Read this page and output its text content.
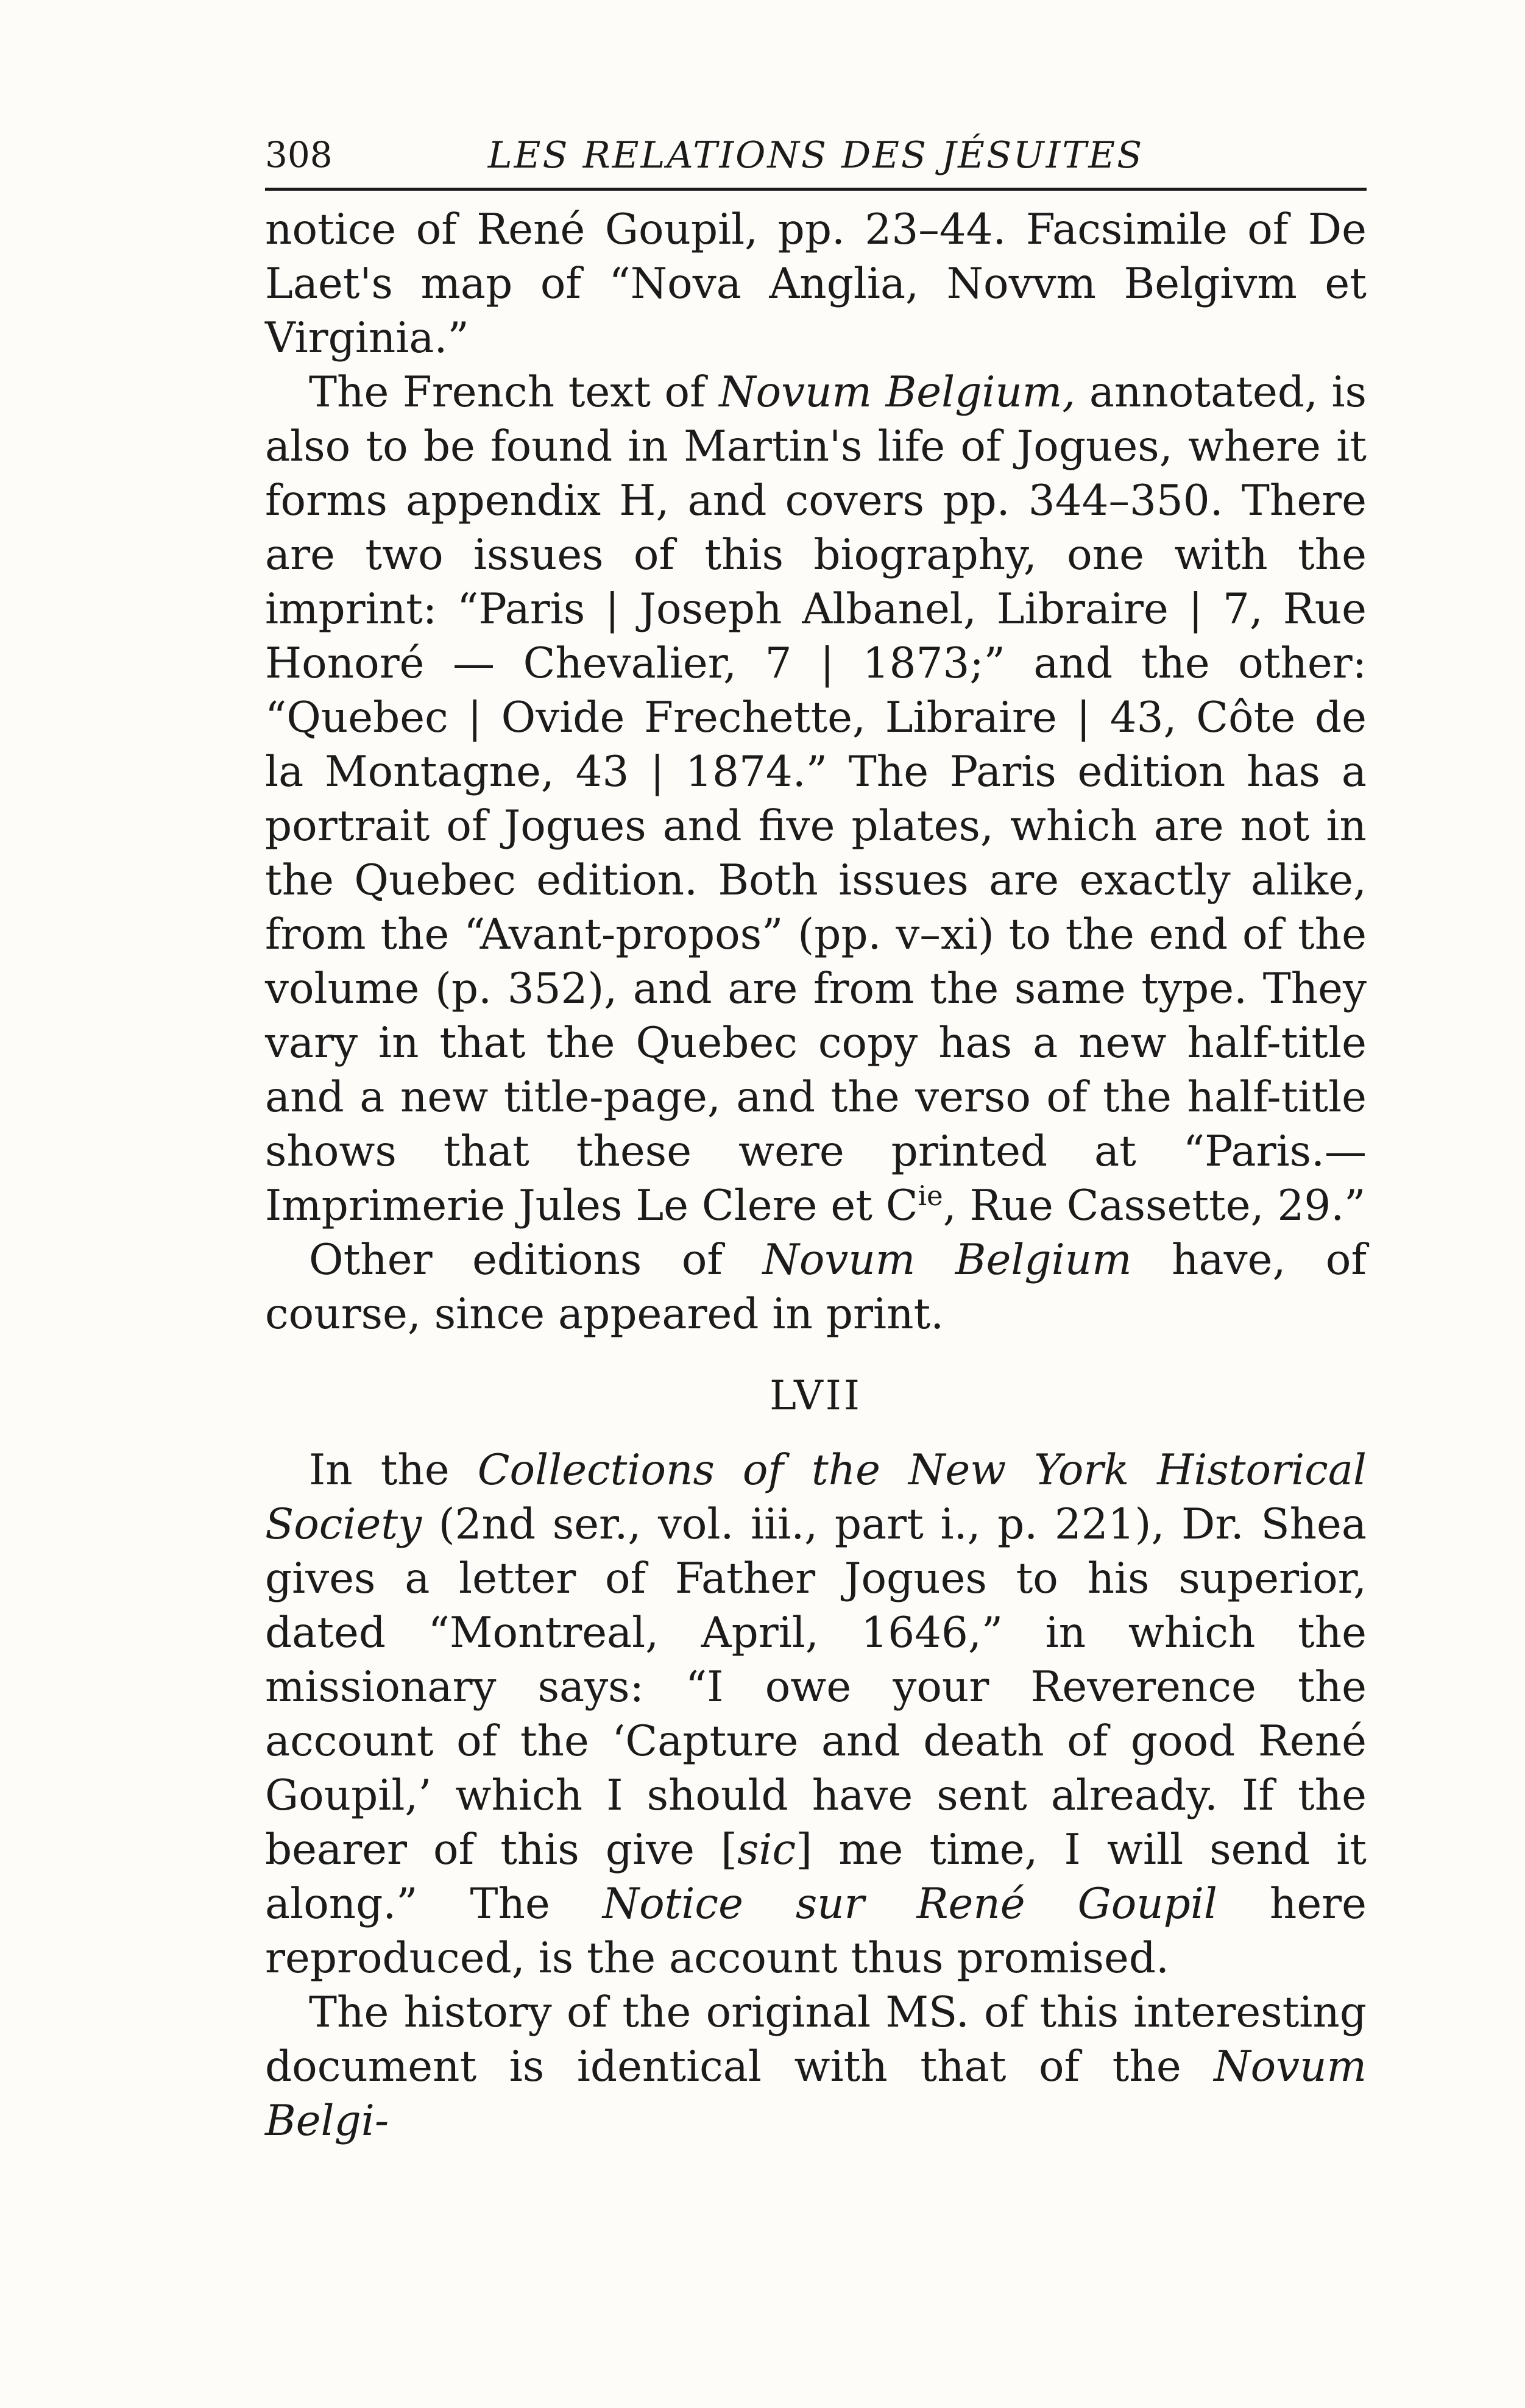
308	LES RELATIONS DES JÉSUITES

notice of René Goupil, pp. 23–44. Facsimile of De Laet's map of “Nova Anglia, Novvm Belgivm et Virginia.”

The French text of Novum Belgium, annotated, is also to be found in Martin's life of Jogues, where it forms appendix H, and covers pp. 344–350. There are two issues of this biography, one with the imprint: “Paris | Joseph Albanel, Libraire | 7, Rue Honoré — Chevalier, 7 | 1873;” and the other: “Quebec | Ovide Frechette, Libraire | 43, Côte de la Montagne, 43 | 1874.” The Paris edition has a portrait of Jogues and five plates, which are not in the Quebec edition. Both issues are exactly alike, from the “Avant-propos” (pp. v–xi) to the end of the volume (p. 352), and are from the same type. They vary in that the Quebec copy has a new half-title and a new title-page, and the verso of the half-title shows that these were printed at “Paris.— Imprimerie Jules Le Clere et $C^{ie}$, Rue Cassette, 29.”

Other editions of Novum Belgium have, of course, since appeared in print.

LVII

In the Collections of the New York Historical Society (2nd ser., vol. iii., part i., p. 221), Dr. Shea gives a letter of Father Jogues to his superior, dated “Montreal, April, 1646,” in which the missionary says: “I owe your Reverence the account of the ‘Capture and death of good René Goupil,’ which I should have sent already. If the bearer of this give [sic] me time, I will send it along.” The Notice sur René Goupil here reproduced, is the account thus promised.

The history of the original MS. of this interesting document is identical with that of the Novum Belgi-
